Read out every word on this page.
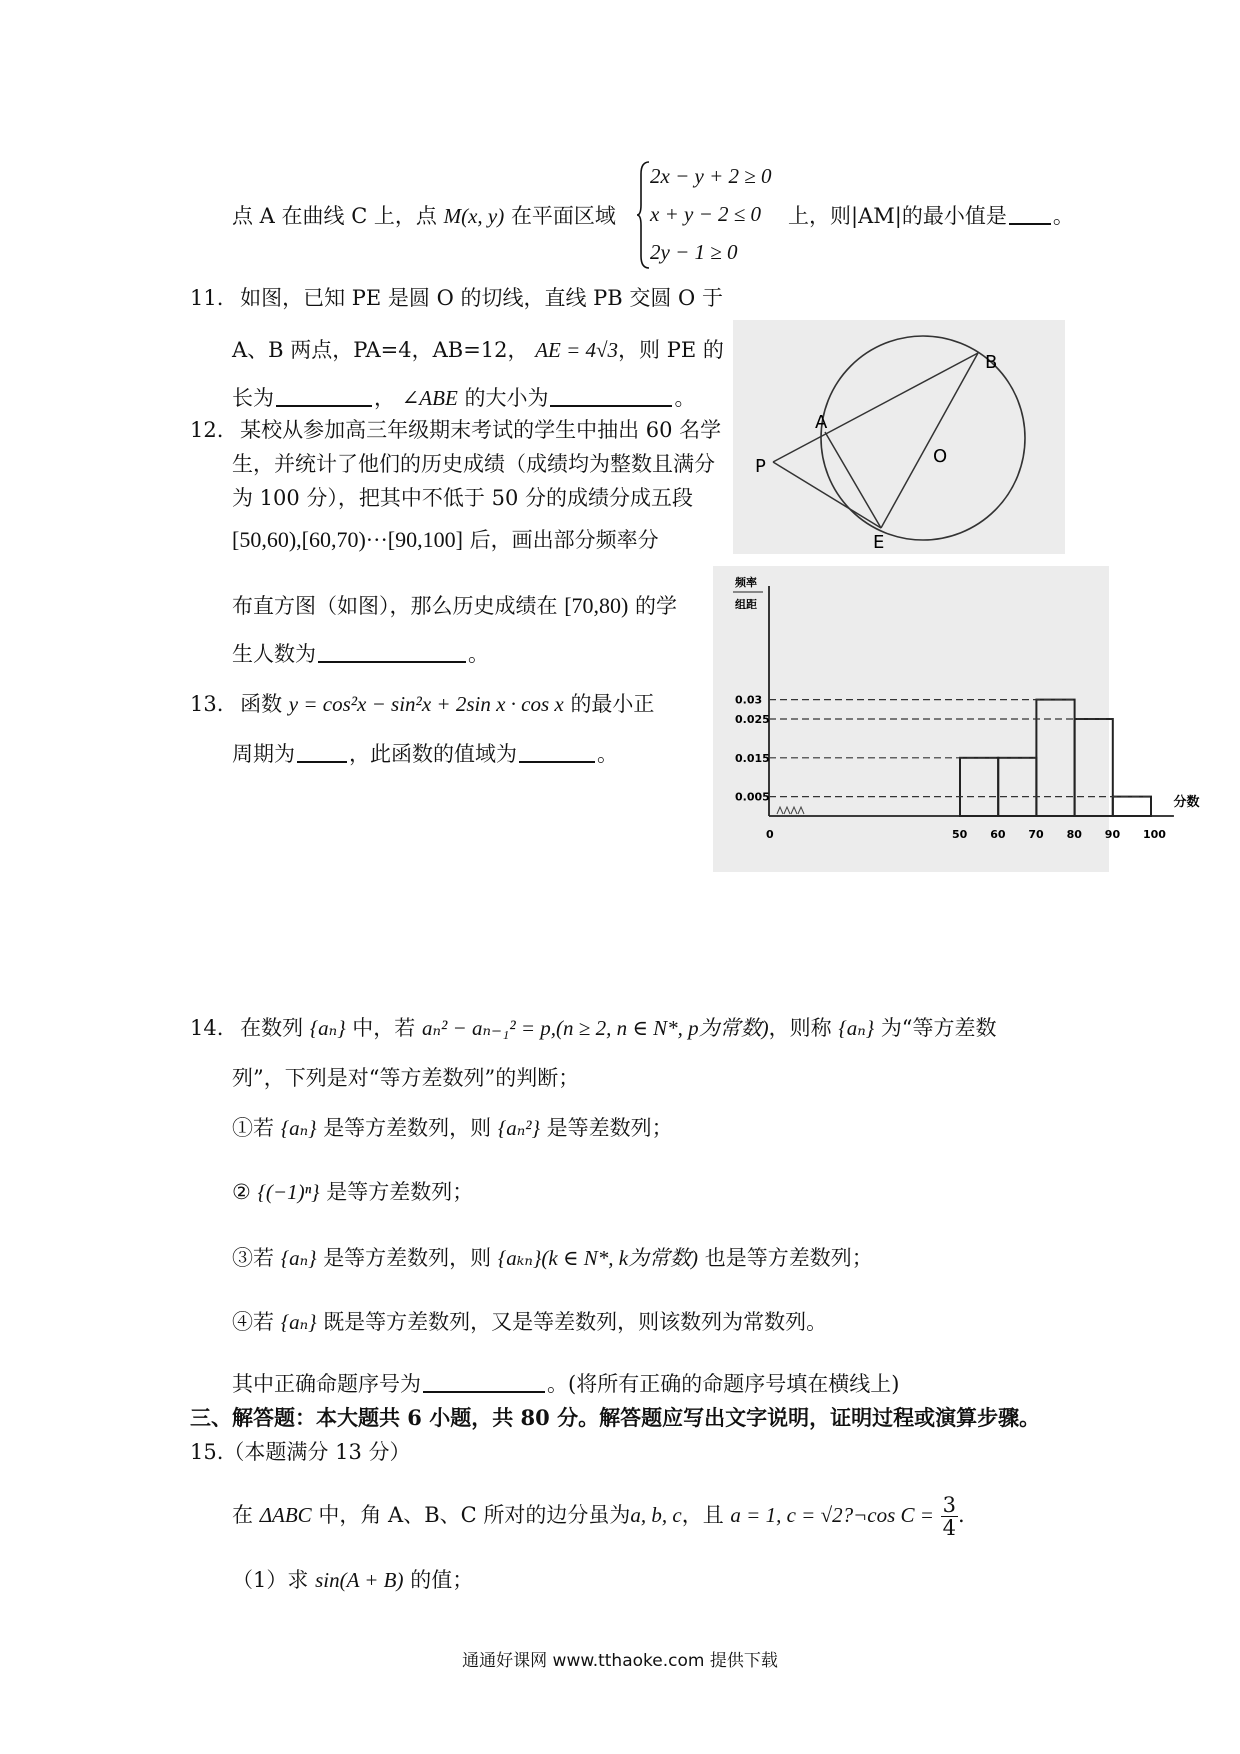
点 A 在曲线 C 上，点 M(x, y) 在平面区域
2x − y + 2 ≥ 0
x + y − 2 ≤ 0
2y − 1 ≥ 0
上，则|AM|的最小值是 。
11. 如图，已知 PE 是圆 O 的切线，直线 PB 交圆 O 于
A、B 两点，PA=4，AB=12， AE = 4√3，则 PE 的
长为	， ∠ABE 的大小为	。
B
A
P	O
E
12. 某校从参加高三年级期末考试的学生中抽出 60 名学
生，并统计了他们的历史成绩（成绩均为整数且满分
为 100 分），把其中不低于 50 分的成绩分成五段
[50,60),[60,70)···[90,100] 后，画出部分频率分
布直方图（如图），那么历史成绩在 [70,80) 的学
生人数为	。
频率
组距
0.03
0.025
0.015
0.005
0	50 60 70 80 90 100
分数
13. 函数 y = cos²x − sin²x + 2sin x · cos x 的最小正
周期为	，此函数的值域为	。
14. 在数列 {aₙ} 中，若 aₙ² − aₙ₋₁² = p,(n ≥ 2, n ∈ N*, p为常数)，则称 {aₙ} 为“等方差数
列”，下列是对“等方差数列”的判断；
①若 {aₙ} 是等方差数列，则 {aₙ²} 是等差数列；
② {(−1)ⁿ} 是等方差数列；
③若 {aₙ} 是等方差数列，则 {aₖₙ}(k ∈ N*, k为常数) 也是等方差数列；
④若 {aₙ} 既是等方差数列，又是等差数列，则该数列为常数列。
其中正确命题序号为	。(将所有正确的命题序号填在横线上)
三、解答题：本大题共 6 小题，共 80 分。解答题应写出文字说明，证明过程或演算步骤。
15.（本题满分 13 分）
在 ΔABC 中，角 A、B、C 所对的边分虽为a, b, c，且 a = 1, c = √2?¬cos $C = \frac{3}{4}$ .
（1）求 sin(A + B) 的值；
通通好课网 www.tthaoke.com 提供下载
